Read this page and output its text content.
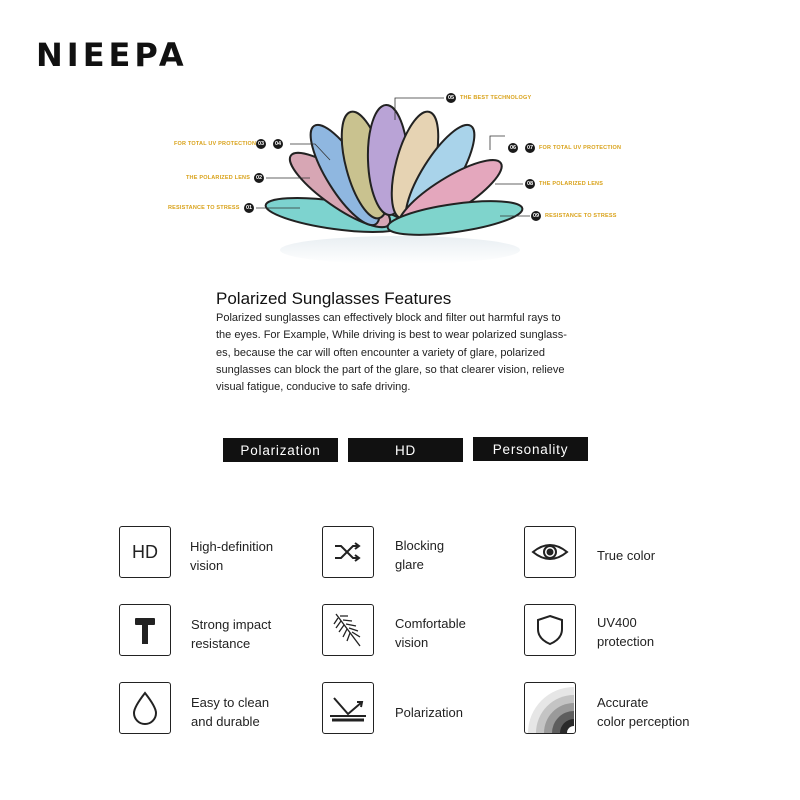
NIEEPA
RESISTANCE TO STRESS	01
THE POLARIZED LENS	02
FOR TOTAL UV PROTECTION 03	04
05	THE BEST TECHNOLOGY
06	07	FOR TOTAL UV PROTECTION
08	THE POLARIZED LENS
09	RESISTANCE TO STRESS
Polarized Sunglasses Features
Polarized sunglasses can effectively block and filter out harmful rays to
the eyes. For Example, While driving is best to wear polarized sunglass-
es, because the car will often encounter a variety of glare, polarized
sunglasses can block the part of the glare, so that clearer vision, relieve
visual fatigue, conducive to safe driving.
Polarization	HD	Personality
HD High-definition
vision
Blocking
glare
True color
Strong impact
resistance
Comfortable
vision
UV400
protection
Easy to clean
and durable
Polarization
Accurate
color perception
